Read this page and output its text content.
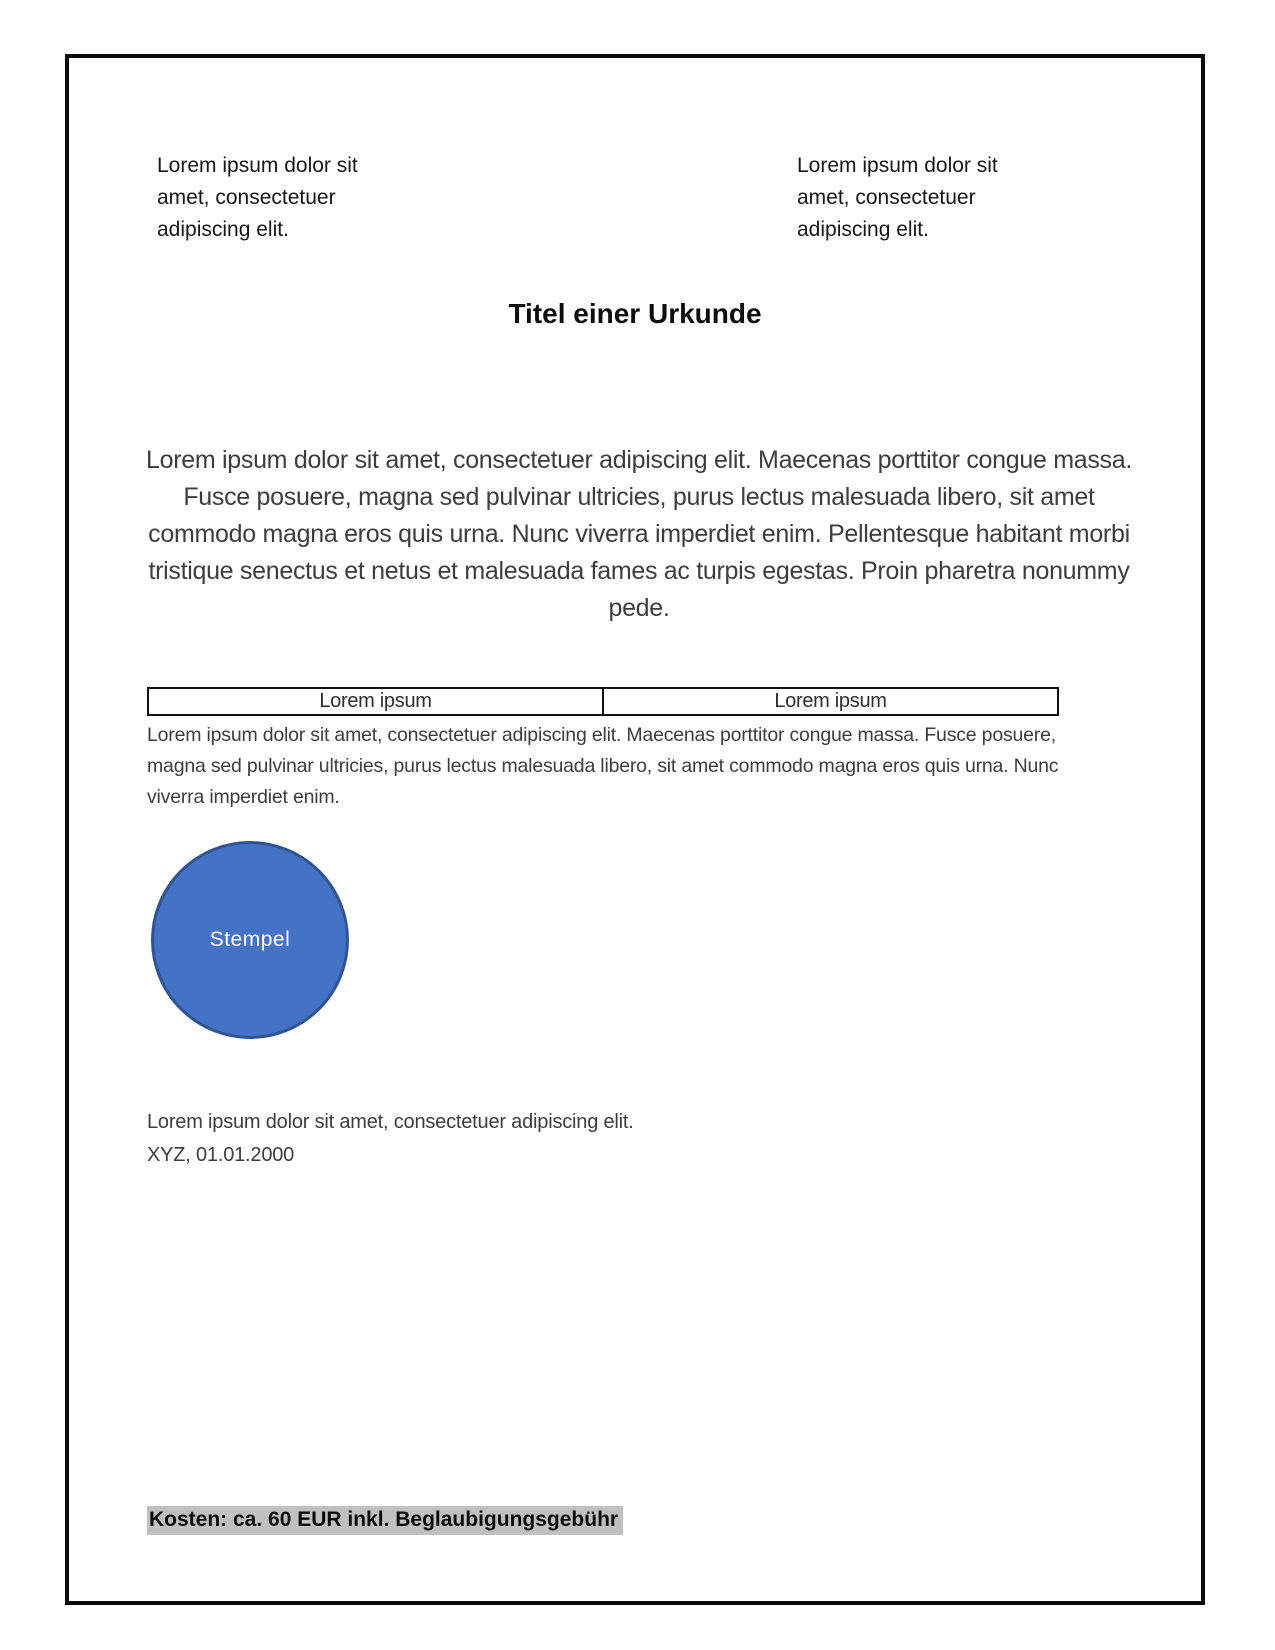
Lorem ipsum dolor sit amet, consectetuer adipiscing elit.
Lorem ipsum dolor sit amet, consectetuer adipiscing elit.
Titel einer Urkunde
Lorem ipsum dolor sit amet, consectetuer adipiscing elit. Maecenas porttitor congue massa. Fusce posuere, magna sed pulvinar ultricies, purus lectus malesuada libero, sit amet commodo magna eros quis urna. Nunc viverra imperdiet enim. Pellentesque habitant morbi tristique senectus et netus et malesuada fames ac turpis egestas. Proin pharetra nonummy pede.
Lorem ipsum	Lorem ipsum
Lorem ipsum dolor sit amet, consectetuer adipiscing elit. Maecenas porttitor congue massa. Fusce posuere, magna sed pulvinar ultricies, purus lectus malesuada libero, sit amet commodo magna eros quis urna. Nunc viverra imperdiet enim.
Stempel
Lorem ipsum dolor sit amet, consectetuer adipiscing elit.
XYZ, 01.01.2000
Kosten: ca. 60 EUR inkl. Beglaubigungsgebühr
